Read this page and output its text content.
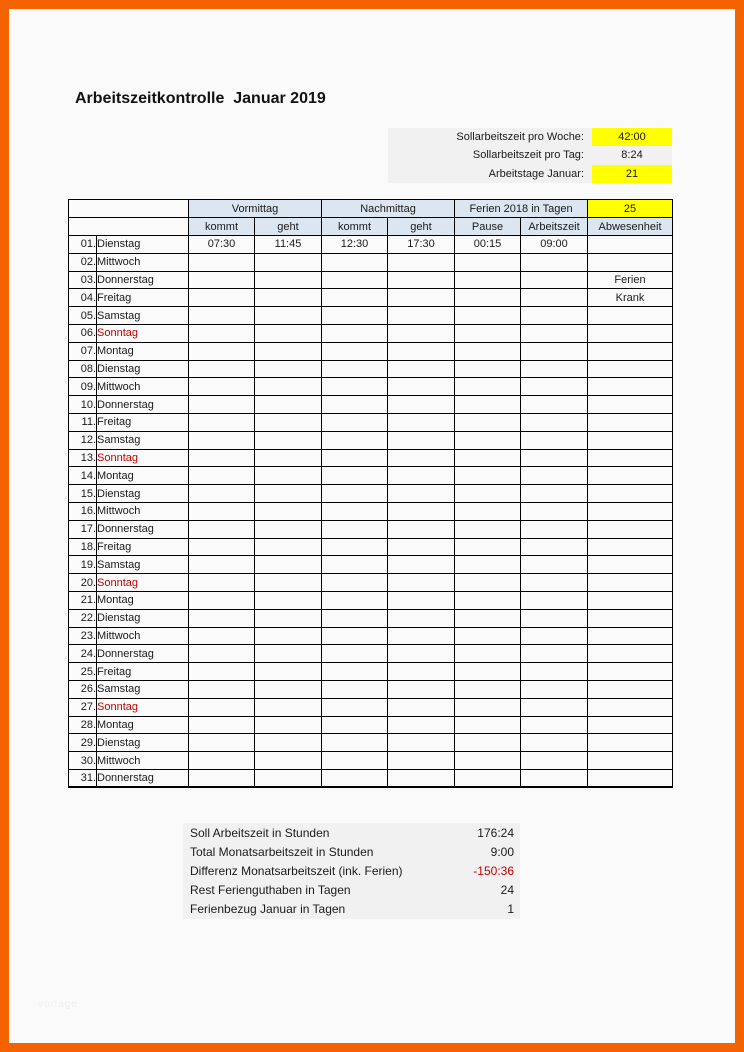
Arbeitszeitkontrolle  Januar 2019
Sollarbeitszeit pro Woche:	42:00
Sollarbeitszeit pro Tag:	8:24
Arbeitstage Januar:	21
		Vormittag		Nachmittag		Ferien 2018 in Tagen		25
		kommt	geht	kommt	geht	Pause	Arbeitszeit	Abwesenheit
01.	Dienstag	07:30	11:45	12:30	17:30	00:15	09:00	
02.	Mittwoch							
03.	Donnerstag							Ferien
04.	Freitag							Krank
05.	Samstag							
06.	Sonntag							
07.	Montag							
08.	Dienstag							
09.	Mittwoch							
10.	Donnerstag							
11.	Freitag							
12.	Samstag							
13.	Sonntag							
14.	Montag							
15.	Dienstag							
16.	Mittwoch							
17.	Donnerstag							
18.	Freitag							
19.	Samstag							
20.	Sonntag							
21.	Montag							
22.	Dienstag							
23.	Mittwoch							
24.	Donnerstag							
25.	Freitag							
26.	Samstag							
27.	Sonntag							
28.	Montag							
29.	Dienstag							
30.	Mittwoch							
31.	Donnerstag							
Soll Arbeitszeit in Stunden	176:24
Total Monatsarbeitszeit in Stunden	9:00
Differenz Monatsarbeitszeit (ink. Ferien)	-150:36
Rest Ferienguthaben in Tagen	24
Ferienbezug Januar in Tagen	1
vorlage
